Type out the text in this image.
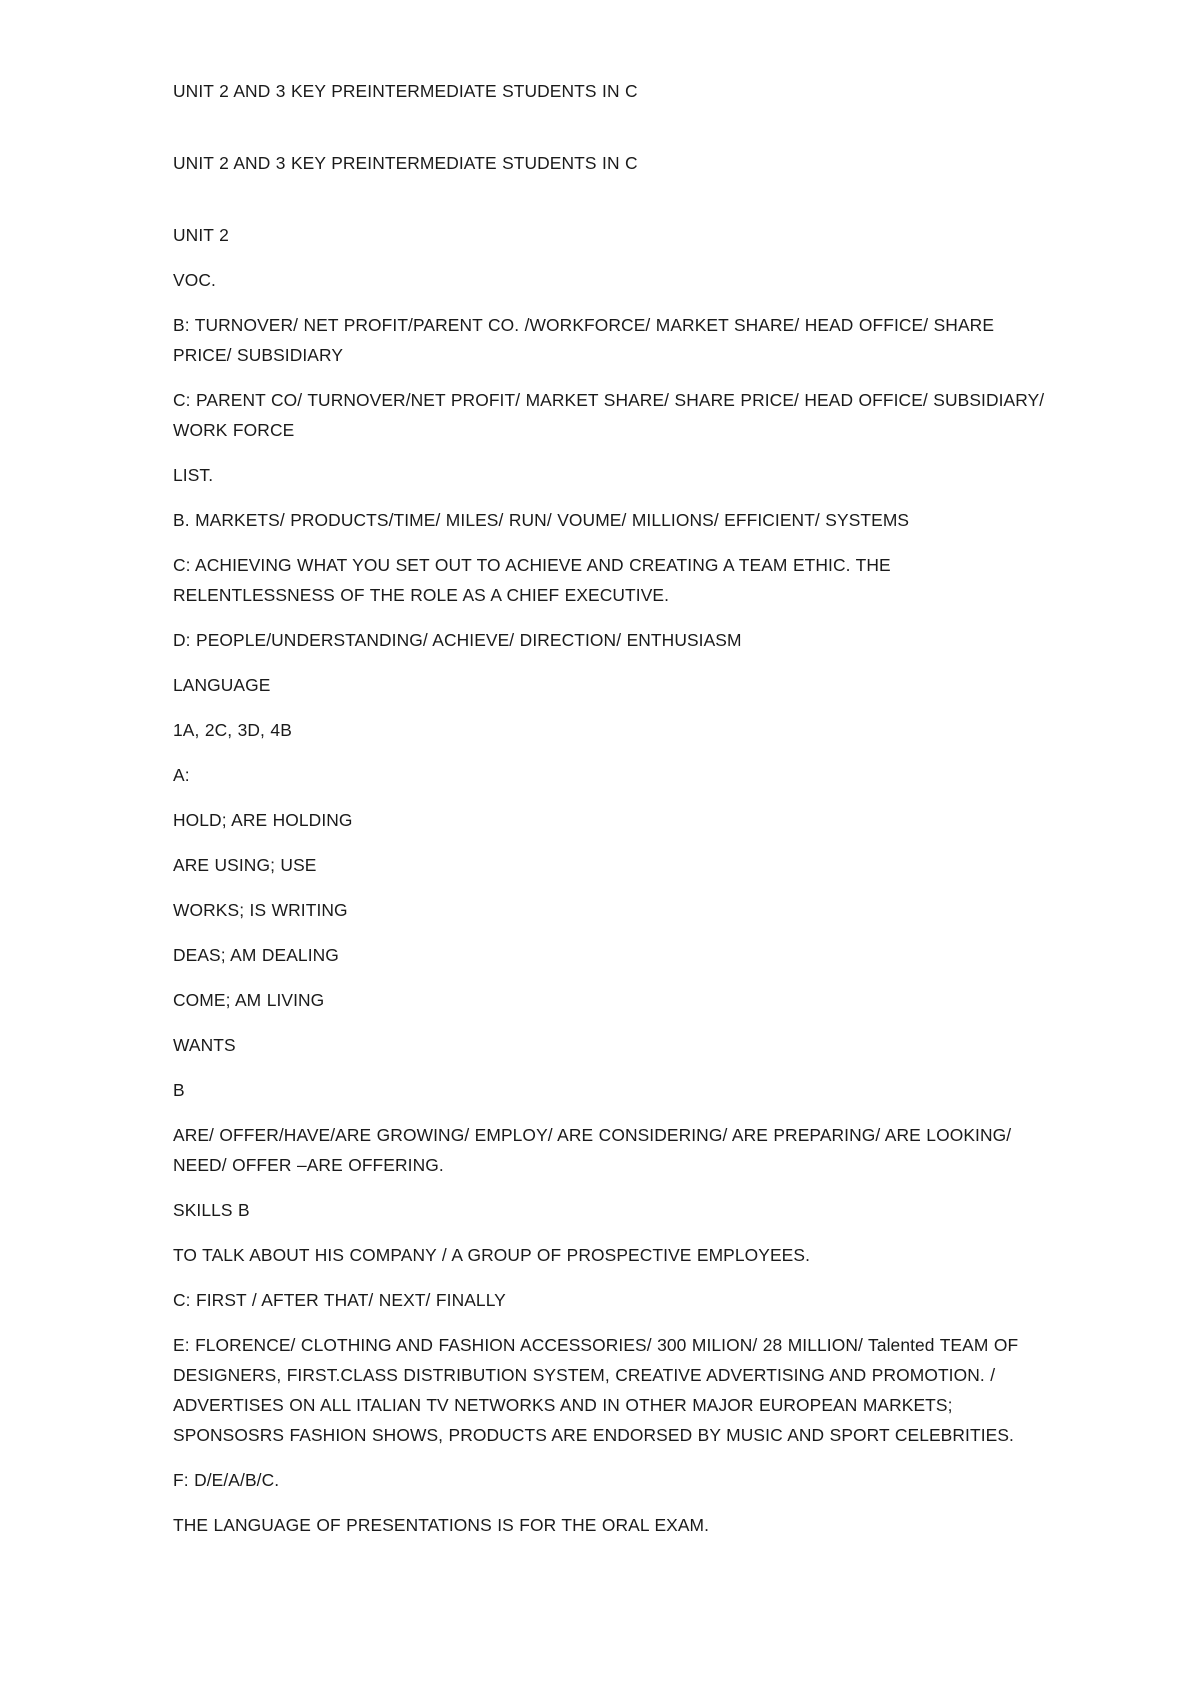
UNIT 2 AND 3 KEY PREINTERMEDIATE STUDENTS IN C

UNIT 2 AND 3 KEY PREINTERMEDIATE STUDENTS IN C

UNIT 2

VOC.

B: TURNOVER/ NET PROFIT/PARENT CO. /WORKFORCE/ MARKET SHARE/ HEAD OFFICE/ SHARE PRICE/ SUBSIDIARY

C: PARENT CO/ TURNOVER/NET PROFIT/ MARKET SHARE/ SHARE PRICE/ HEAD OFFICE/ SUBSIDIARY/ WORK FORCE

LIST.

B. MARKETS/ PRODUCTS/TIME/ MILES/ RUN/ VOUME/ MILLIONS/ EFFICIENT/ SYSTEMS

C: ACHIEVING WHAT YOU SET OUT TO ACHIEVE AND CREATING A TEAM ETHIC. THE RELENTLESSNESS OF THE ROLE AS A CHIEF EXECUTIVE.

D: PEOPLE/UNDERSTANDING/ ACHIEVE/ DIRECTION/ ENTHUSIASM

LANGUAGE

1A, 2C, 3D, 4B

A:

HOLD; ARE HOLDING

ARE USING; USE

WORKS; IS WRITING

DEAS; AM DEALING

COME; AM LIVING

WANTS

B

ARE/ OFFER/HAVE/ARE GROWING/ EMPLOY/ ARE CONSIDERING/ ARE PREPARING/ ARE LOOKING/ NEED/ OFFER –ARE OFFERING.

SKILLS B

TO TALK ABOUT HIS COMPANY / A GROUP OF PROSPECTIVE EMPLOYEES.

C: FIRST / AFTER THAT/ NEXT/ FINALLY

E: FLORENCE/ CLOTHING AND FASHION ACCESSORIES/ 300 MILION/ 28 MILLION/ Talented TEAM OF DESIGNERS, FIRST.CLASS DISTRIBUTION SYSTEM, CREATIVE ADVERTISING AND PROMOTION. / ADVERTISES ON ALL ITALIAN TV NETWORKS AND IN OTHER MAJOR EUROPEAN MARKETS; SPONSOSRS FASHION SHOWS, PRODUCTS ARE ENDORSED BY MUSIC AND SPORT CELEBRITIES.

F: D/E/A/B/C.

THE LANGUAGE OF PRESENTATIONS IS FOR THE ORAL EXAM.
